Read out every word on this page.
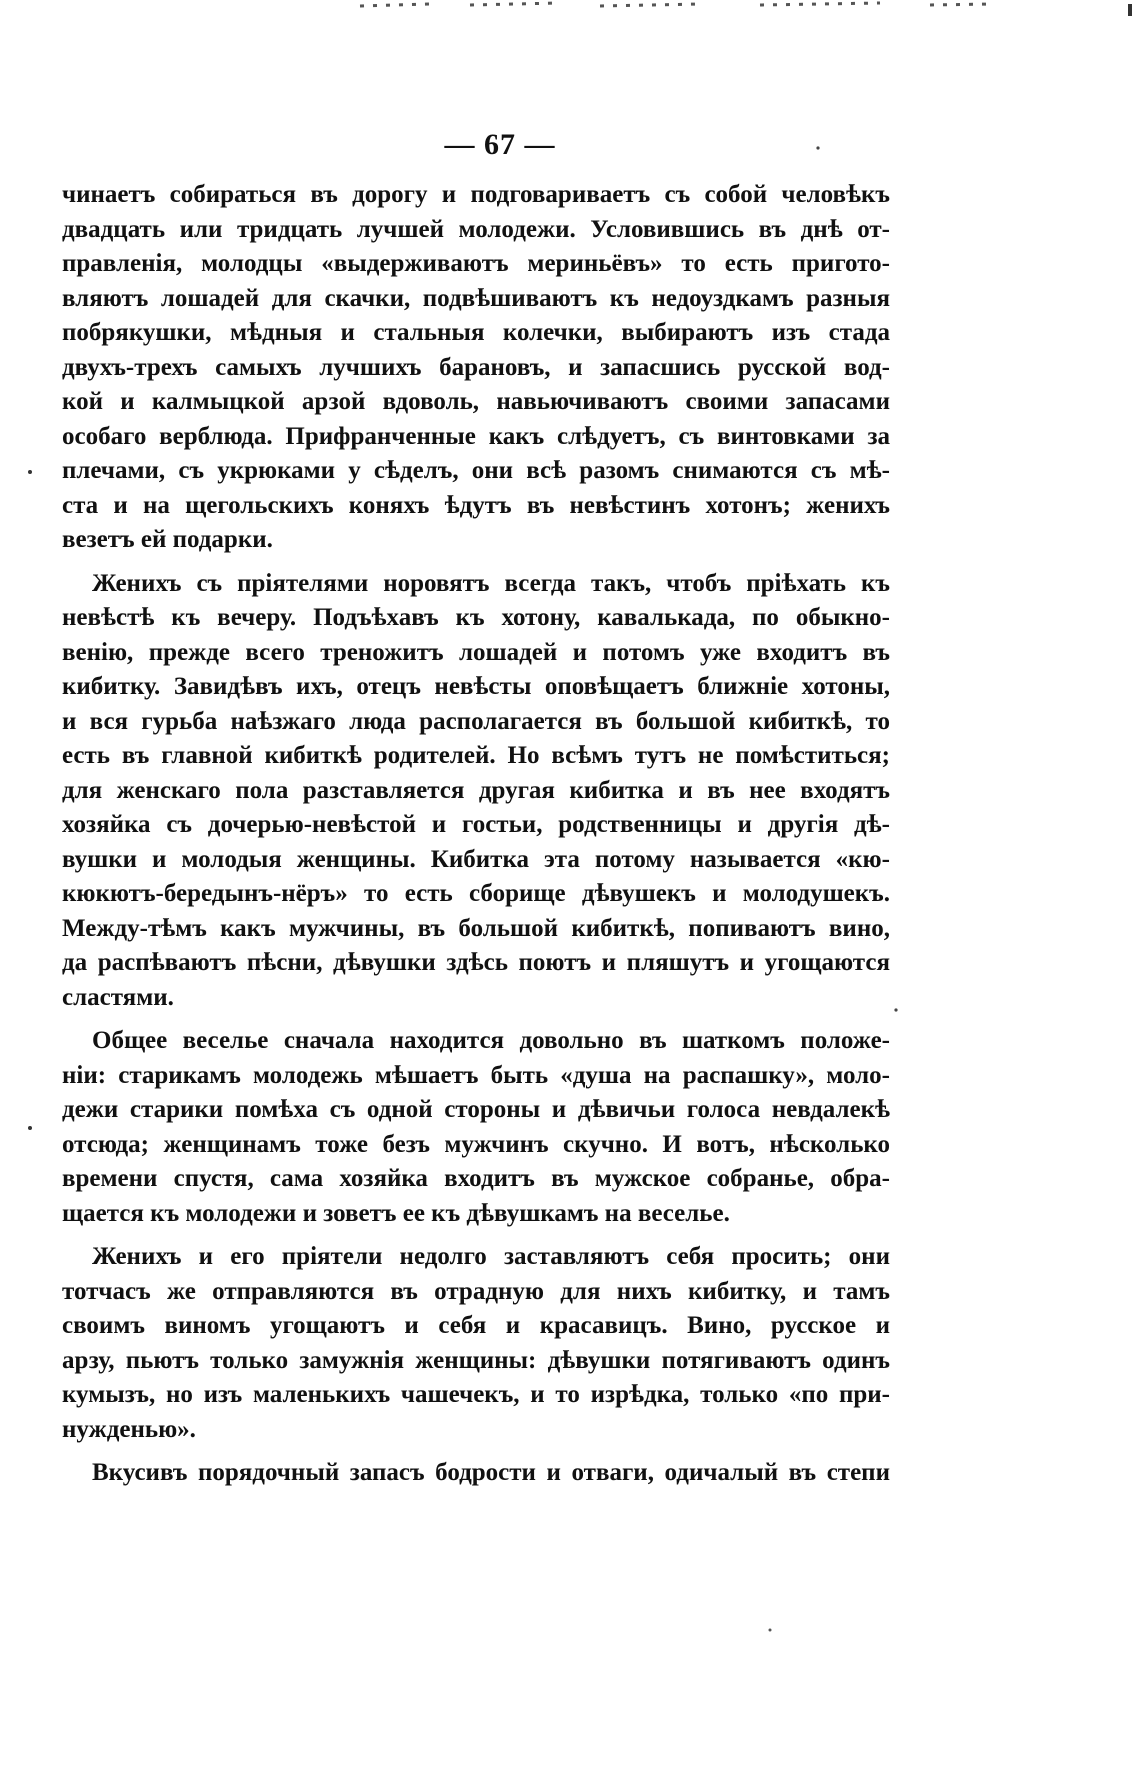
— 67 —

чинаетъ собираться въ дорогу и подговариваетъ съ собой человѣкъ
двадцать или тридцать лучшей молодежи. Условившись въ днѣ от-
правленія, молодцы «выдерживаютъ мериньёвъ» то есть пригото-
вляютъ лошадей для скачки, подвѣшиваютъ къ недоуздкамъ разныя
побрякушки, мѣдныя и стальныя колечки, выбираютъ изъ стада
двухъ-трехъ самыхъ лучшихъ барановъ, и запасшись русской вод-
кой и калмыцкой арзой вдоволь, навьючиваютъ своими запасами
особаго верблюда. Прифранченные какъ слѣдуетъ, съ винтовками за
плечами, съ укрюками у сѣделъ, они всѣ разомъ снимаются съ мѣ-
ста и на щегольскихъ коняхъ ѣдутъ въ невѣстинъ хотонъ; женихъ
везетъ ей подарки.

Женихъ съ пріятелями норовятъ всегда такъ, чтобъ пріѣхать къ
невѣстѣ къ вечеру. Подъѣхавъ къ хотону, кавалькада, по обыкно-
венію, прежде всего треножитъ лошадей и потомъ уже входитъ въ
кибитку. Завидѣвъ ихъ, отецъ невѣсты оповѣщаетъ ближніе хотоны,
и вся гурьба наѣзжаго люда располагается въ большой кибиткѣ, то
есть въ главной кибиткѣ родителей. Но всѣмъ тутъ не помѣститься;
для женскаго пола разставляется другая кибитка и въ нее входятъ
хозяйка съ дочерью-невѣстой и гостьи, родственницы и другія дѣ-
вушки и молодыя женщины. Кибитка эта потому называется «кю-
кюкютъ-бередынъ-нёръ» то есть сборище дѣвушекъ и молодушекъ.
Между-тѣмъ какъ мужчины, въ большой кибиткѣ, попиваютъ вино,
да распѣваютъ пѣсни, дѣвушки здѣсь поютъ и пляшутъ и угощаются
сластями.

Общее веселье сначала находится довольно въ шаткомъ положе-
ніи: старикамъ молодежь мѣшаетъ быть «душа на распашку», моло-
дежи старики помѣха съ одной стороны и дѣвичьи голоса невдалекѣ
отсюда; женщинамъ тоже безъ мужчинъ скучно. И вотъ, нѣсколько
времени спустя, сама хозяйка входитъ въ мужское собранье, обра-
щается къ молодежи и зоветъ ее къ дѣвушкамъ на веселье.

Женихъ и его пріятели недолго заставляютъ себя просить; они
тотчасъ же отправляются въ отрадную для нихъ кибитку, и тамъ
своимъ виномъ угощаютъ и себя и красавицъ. Вино, русское и
арзу, пьютъ только замужнія женщины: дѣвушки потягиваютъ одинъ
кумызъ, но изъ маленькихъ чашечекъ, и то изрѣдка, только «по при-
нужденью».

Вкусивъ порядочный запасъ бодрости и отваги, одичалый въ степи
